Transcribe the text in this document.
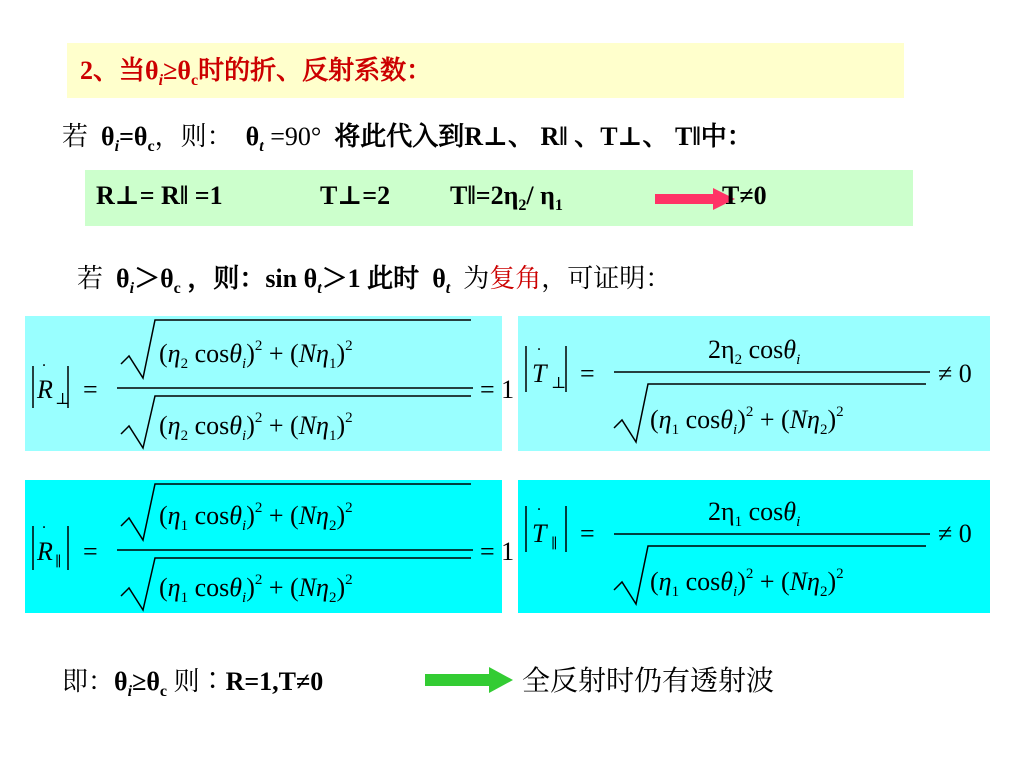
2、当$\theta_i\ge\theta_c$时的折、反射系数：
若 $\theta_i=\theta_c$，则： $\theta_t =90^\circ$ 将此代入到R⊥、 R‖ 、T⊥、 T‖中：
R⊥= R‖ =1	T⊥=2 $T‖=2\eta_2/$ $\eta_1$	T≠0
若 $\theta_i>\theta_c$ ，则：$\sin \theta_t>1$ 此时 $\theta_t$ 为复角，可证明：
R
˙
⊥ =	= 1
($\eta_2$ $\cos\theta_i)^2 + (N\eta_1)^2$
($\eta_2$ $\cos\theta_i)^2 + (N\eta_1)^2$
T
˙
⊥ =
$2\eta_2$ cosθ$_i$	≠ 0
($\eta_1$ $\cos\theta_i)^2 + (N\eta_2)^2$
R
˙
∥ =	= 1
($\eta_1$ $\cos\theta_i)^2 + (N\eta_2)^2$
($\eta_1$ $\cos\theta_i)^2 + (N\eta_2)^2$
T
˙
∥ =
$2\eta_1$ cosθ$_i$	≠ 0
($\eta_1$ $\cos\theta_i)^2 + (N\eta_2)^2$
即：$\theta_i\ge\theta_c$ 则∶R=1,T≠0	全反射时仍有透射波
